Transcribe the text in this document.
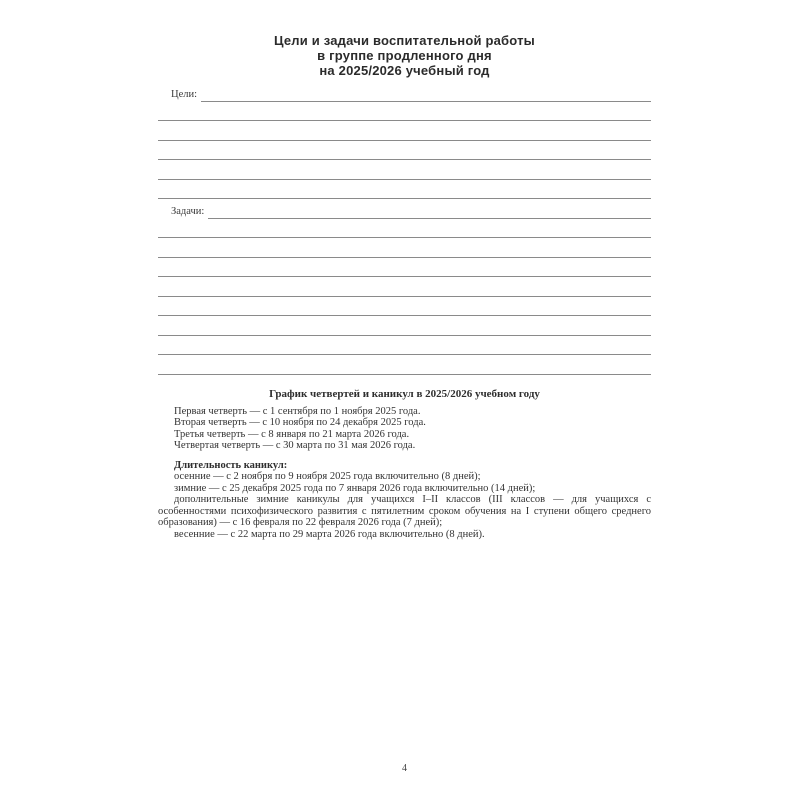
Цели и задачи воспитательной работы
в группе продленного дня
на 2025/2026 учебный год
Цели:
Задачи:
График четвертей и каникул в 2025/2026 учебном году
Первая четверть — с 1 сентября по 1 ноября 2025 года.
Вторая четверть — с 10 ноября по 24 декабря 2025 года.
Третья четверть — с 8 января по 21 марта 2026 года.
Четвертая четверть — с 30 марта по 31 мая 2026 года.
Длительность каникул:

осенние — с 2 ноября по 9 ноября 2025 года включительно (8 дней);

зимние — с 25 декабря 2025 года по 7 января 2026 года включительно (14 дней);

дополнительные зимние каникулы для учащихся I–II классов (III классов — для учащихся с особенностями психофизического развития с пятилетним сроком обучения на I ступени общего среднего образования) — с 16 февраля по 22 февраля 2026 года (7 дней);

весенние — с 22 марта по 29 марта 2026 года включительно (8 дней).

4
